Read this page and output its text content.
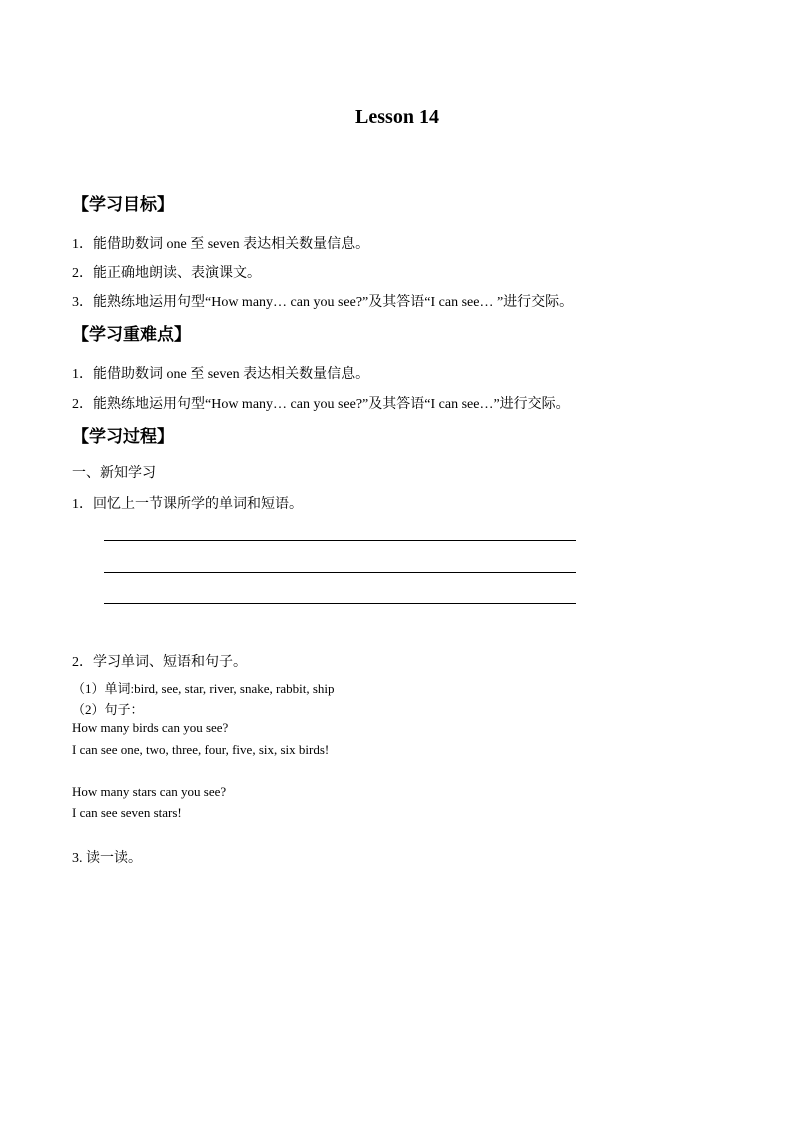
Lesson 14
【学习目标】
1．能借助数词 one 至 seven 表达相关数量信息。
2．能正确地朗读、表演课文。
3．能熟练地运用句型“How many… can you see?”及其答语“I can see… ”进行交际。
【学习重难点】
1．能借助数词 one 至 seven 表达相关数量信息。
2．能熟练地运用句型“How many… can you see?”及其答语“I can see…”进行交际。
【学习过程】
一、新知学习
1．回忆上一节课所学的单词和短语。
2．学习单词、短语和句子。
（1）单词:bird, see, star, river, snake, rabbit, ship
（2）句子：
How many birds can you see?
I can see one, two, three, four, five, six, six birds!
How many stars can you see?
I can see seven stars!
3. 读一读。
